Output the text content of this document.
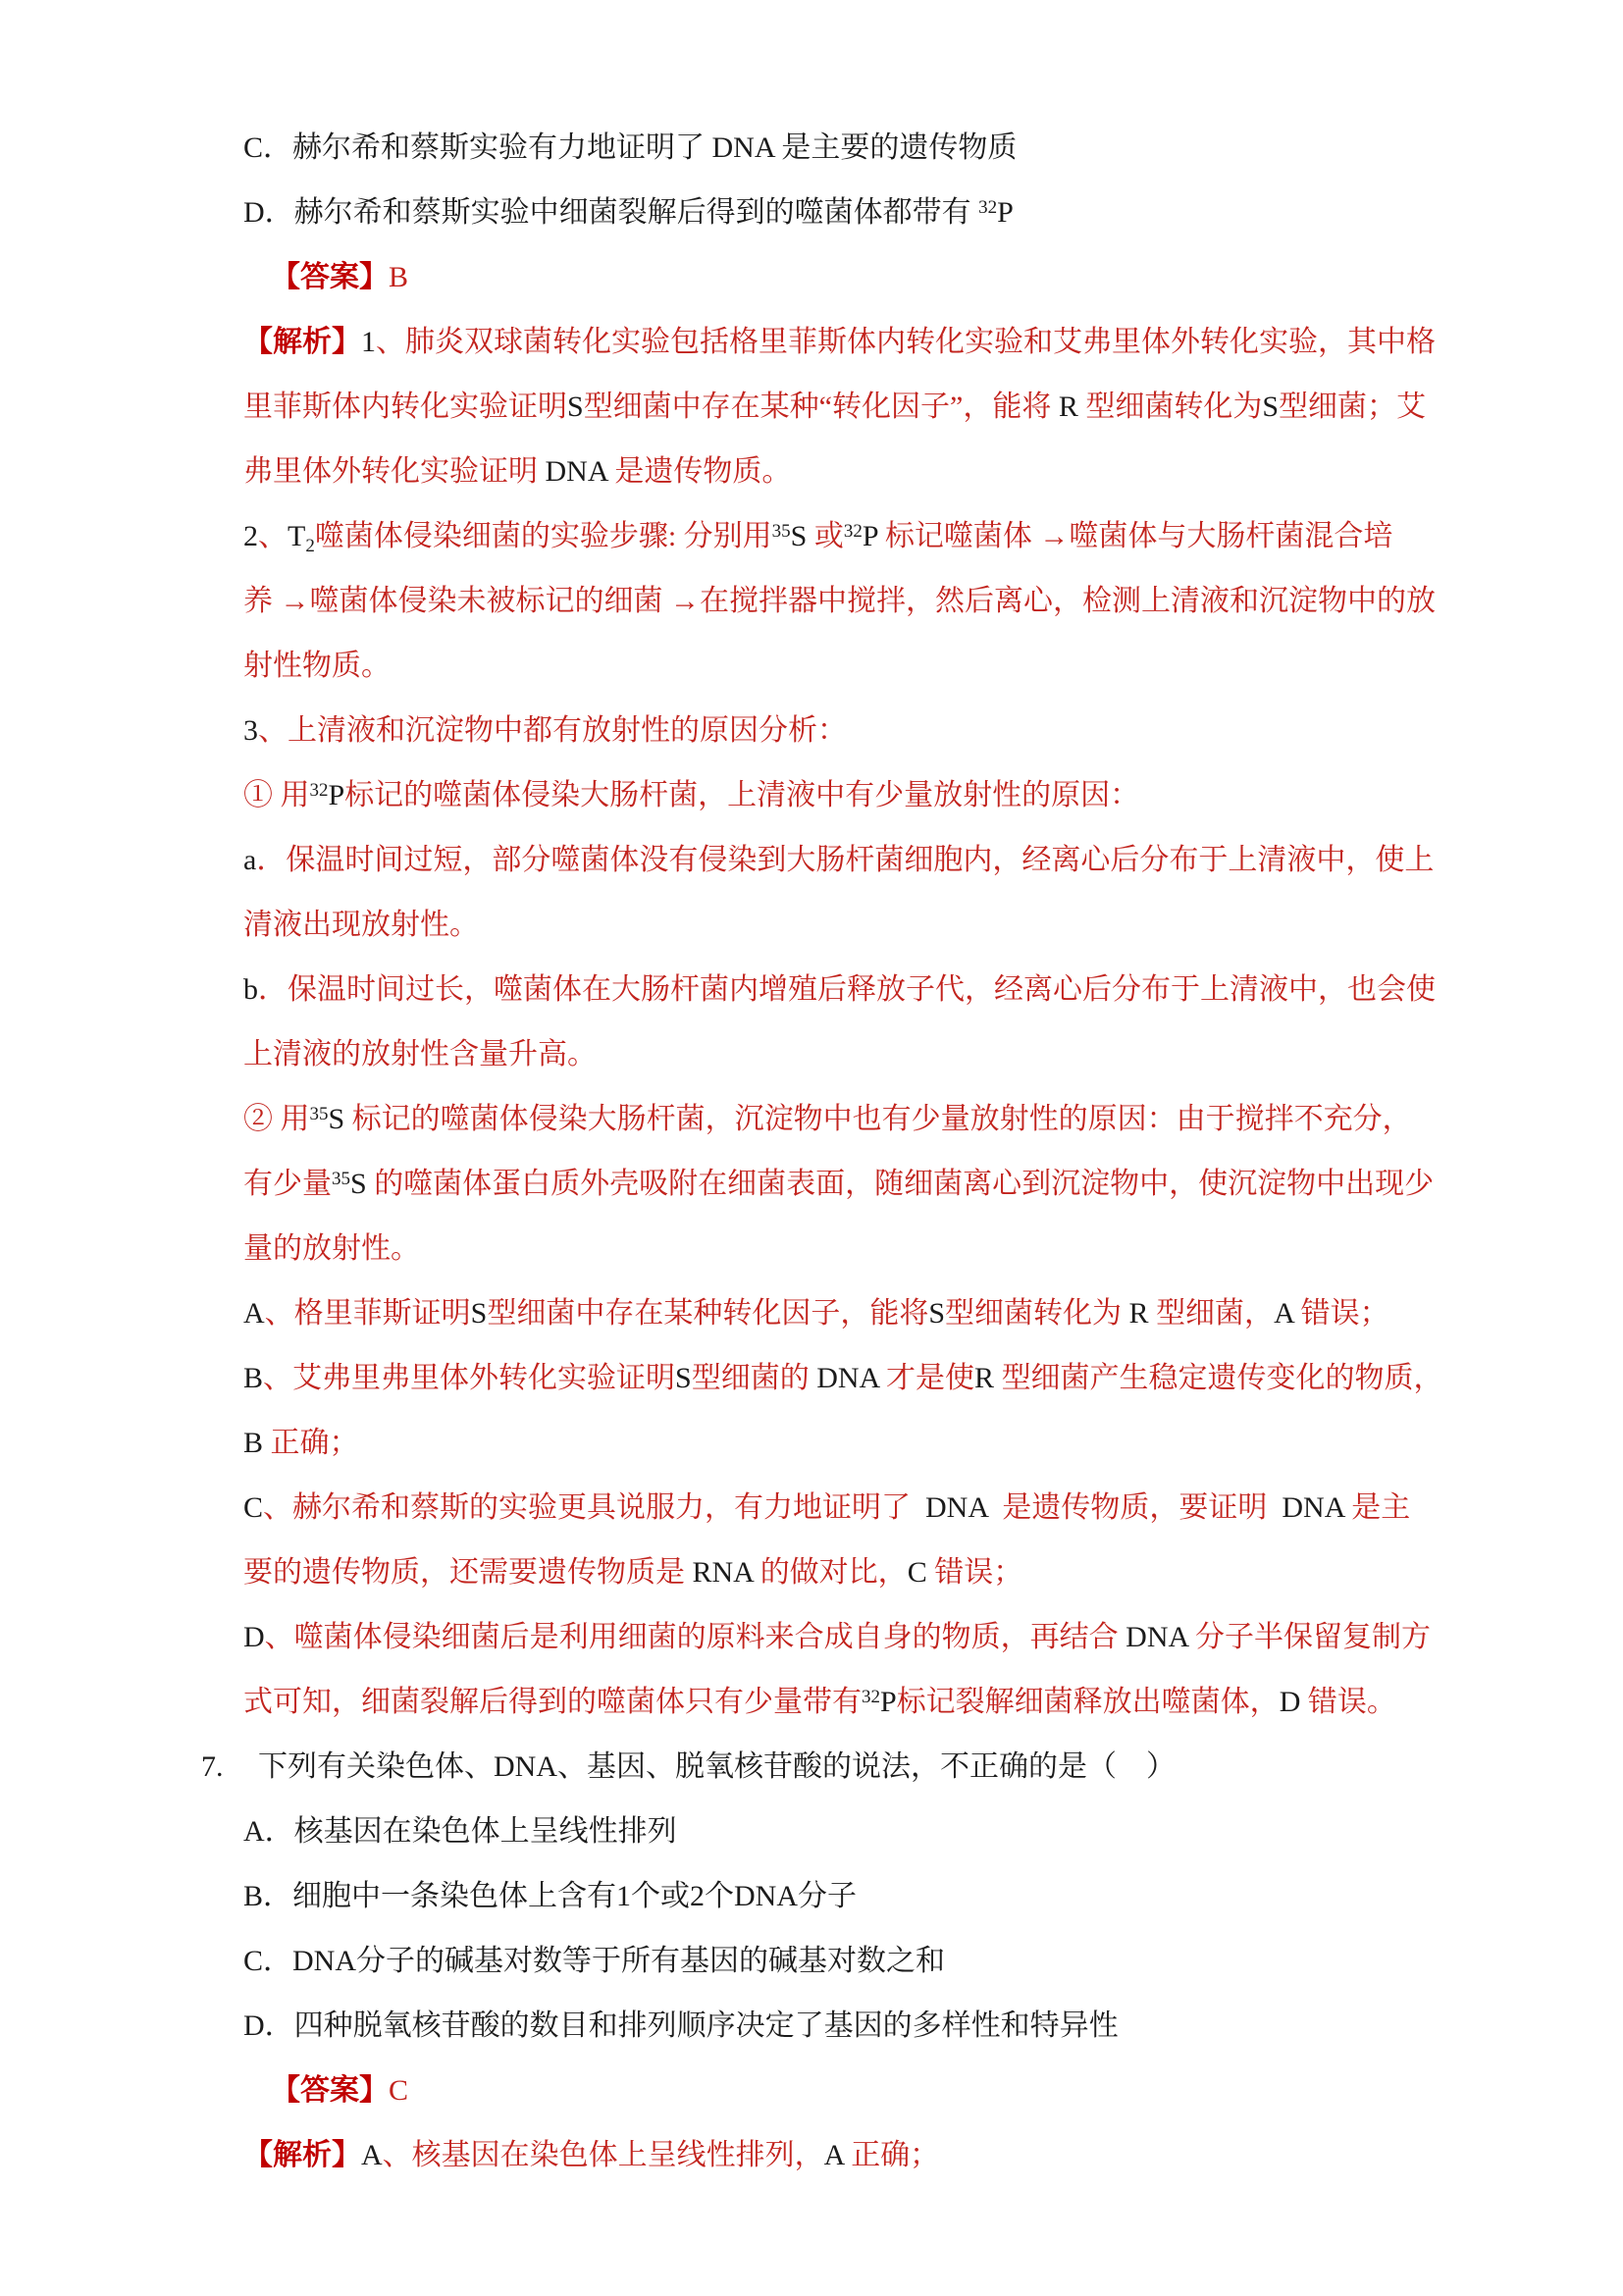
C．赫尔希和蔡斯实验有力地证明了 DNA 是主要的遗传物质
D．赫尔希和蔡斯实验中细菌裂解后得到的噬菌体都带有 $^{32}$P
【答案】B
【解析】1、肺炎双球菌转化实验包括格里菲斯体内转化实验和艾弗里体外转化实验，其中格
里菲斯体内转化实验证明S型细菌中存在某种“转化因子”，能将 R 型细菌转化为S型细菌；艾
弗里体外转化实验证明 DNA 是遗传物质。
2、$T_2$噬菌体侵染细菌的实验步骤: 分别用$^{35}$S 或$^{32}$P 标记噬菌体 →噬菌体与大肠杆菌混合培
养 →噬菌体侵染未被标记的细菌 →在搅拌器中搅拌，然后离心，检测上清液和沉淀物中的放
射性物质。
3、上清液和沉淀物中都有放射性的原因分析：
① 用$^{32}$P标记的噬菌体侵染大肠杆菌，上清液中有少量放射性的原因：
a．保温时间过短，部分噬菌体没有侵染到大肠杆菌细胞内，经离心后分布于上清液中，使上
清液出现放射性。
b．保温时间过长，噬菌体在大肠杆菌内增殖后释放子代，经离心后分布于上清液中，也会使
上清液的放射性含量升高。
② 用$^{35}$S 标记的噬菌体侵染大肠杆菌，沉淀物中也有少量放射性的原因：由于搅拌不充分，
有少量$^{35}$S 的噬菌体蛋白质外壳吸附在细菌表面，随细菌离心到沉淀物中，使沉淀物中出现少
量的放射性。
A、格里菲斯证明S型细菌中存在某种转化因子，能将S型细菌转化为 R 型细菌，A 错误；
B、艾弗里弗里体外转化实验证明S型细菌的 DNA 才是使R 型细菌产生稳定遗传变化的物质，
B 正确；
C、赫尔希和蔡斯的实验更具说服力，有力地证明了  DNA  是遗传物质，要证明  DNA 是主
要的遗传物质，还需要遗传物质是 RNA 的做对比，C 错误；
D、噬菌体侵染细菌后是利用细菌的原料来合成自身的物质，再结合 DNA 分子半保留复制方
式可知，细菌裂解后得到的噬菌体只有少量带有$^{32}$P标记裂解细菌释放出噬菌体，D 错误。
7. 下列有关染色体、DNA、基因、脱氧核苷酸的说法，不正确的是（　）
A．核基因在染色体上呈线性排列
B．细胞中一条染色体上含有1个或2个DNA分子
C．DNA分子的碱基对数等于所有基因的碱基对数之和
D．四种脱氧核苷酸的数目和排列顺序决定了基因的多样性和特异性
【答案】C
【解析】A、核基因在染色体上呈线性排列，A 正确；
